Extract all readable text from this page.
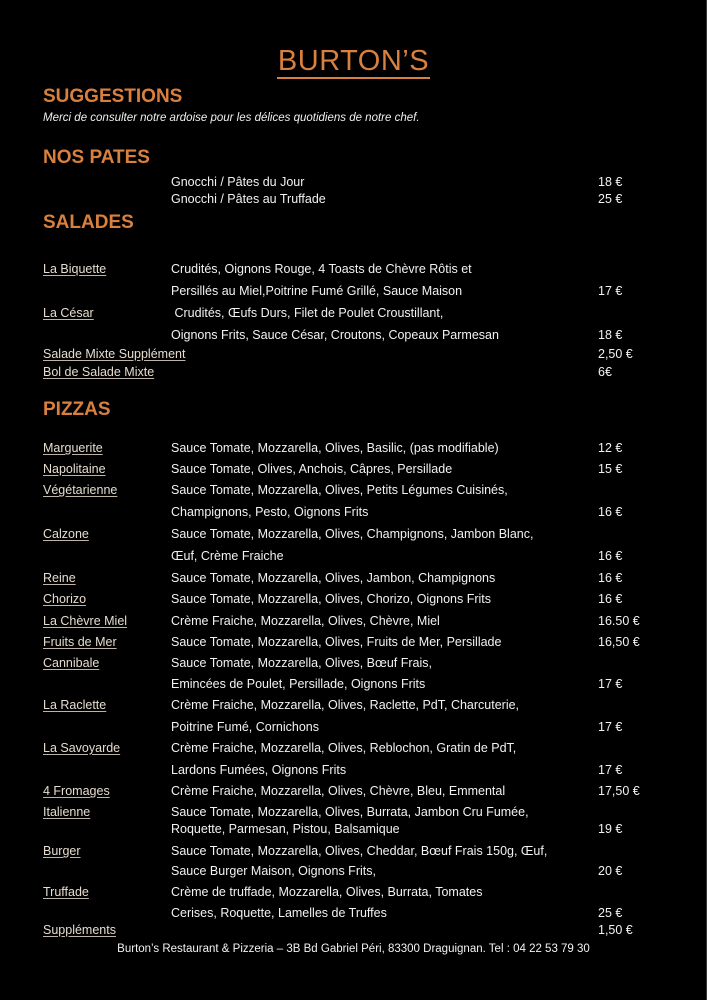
BURTON’S
SUGGESTIONS
Merci de consulter notre ardoise pour les délices quotidiens de notre chef.
NOS PATES
Gnocchi / Pâtes du Jour	18 €
Gnocchi / Pâtes au Truffade	25 €
SALADES
La Biquette	Crudités, Oignons Rouge, 4 Toasts de Chèvre Rôtis et
Persillés au Miel,Poitrine Fumé Grillé, Sauce Maison	17 €
La César	Crudités, Œufs Durs, Filet de Poulet Croustillant,
Oignons Frits, Sauce César, Croutons, Copeaux Parmesan	18 €
Salade Mixte Supplément	2,50 €
Bol de Salade Mixte	6€
PIZZAS
Marguerite	Sauce Tomate, Mozzarella, Olives, Basilic, (pas modifiable)	12 €
Napolitaine	Sauce Tomate, Olives, Anchois, Câpres, Persillade	15 €
Végétarienne	Sauce Tomate, Mozzarella, Olives, Petits Légumes Cuisinés,
Champignons, Pesto, Oignons Frits	16 €
Calzone	Sauce Tomate, Mozzarella, Olives, Champignons, Jambon Blanc,
Œuf, Crème Fraiche	16 €
Reine	Sauce Tomate, Mozzarella, Olives, Jambon, Champignons	16 €
Chorizo	Sauce Tomate, Mozzarella, Olives, Chorizo, Oignons Frits	16 €
La Chèvre Miel	Crème Fraiche, Mozzarella, Olives, Chèvre, Miel	16.50 €
Fruits de Mer	Sauce Tomate, Mozzarella, Olives, Fruits de Mer, Persillade	16,50 €
Cannibale	Sauce Tomate, Mozzarella, Olives, Bœuf Frais,
Emincées de Poulet, Persillade, Oignons Frits	17 €
La Raclette	Crème Fraiche, Mozzarella, Olives, Raclette, PdT, Charcuterie,
Poitrine Fumé, Cornichons	17 €
La Savoyarde	Crème Fraiche, Mozzarella, Olives, Reblochon, Gratin de PdT,
Lardons Fumées, Oignons Frits	17 €
4 Fromages	Crème Fraiche, Mozzarella, Olives, Chèvre, Bleu, Emmental	17,50 €
Italienne	Sauce Tomate, Mozzarella, Olives, Burrata, Jambon Cru Fumée,
Roquette, Parmesan, Pistou, Balsamique	19 €
Burger	Sauce Tomate, Mozzarella, Olives, Cheddar, Bœuf Frais 150g, Œuf,
Sauce Burger Maison, Oignons Frits,	20 €
Truffade	Crème de truffade, Mozzarella, Olives, Burrata, Tomates
Cerises, Roquette, Lamelles de Truffes	25 €
Suppléments	1,50 €
Burton’s Restaurant & Pizzeria – 3B Bd Gabriel Péri, 83300 Draguignan. Tel : 04 22 53 79 30
